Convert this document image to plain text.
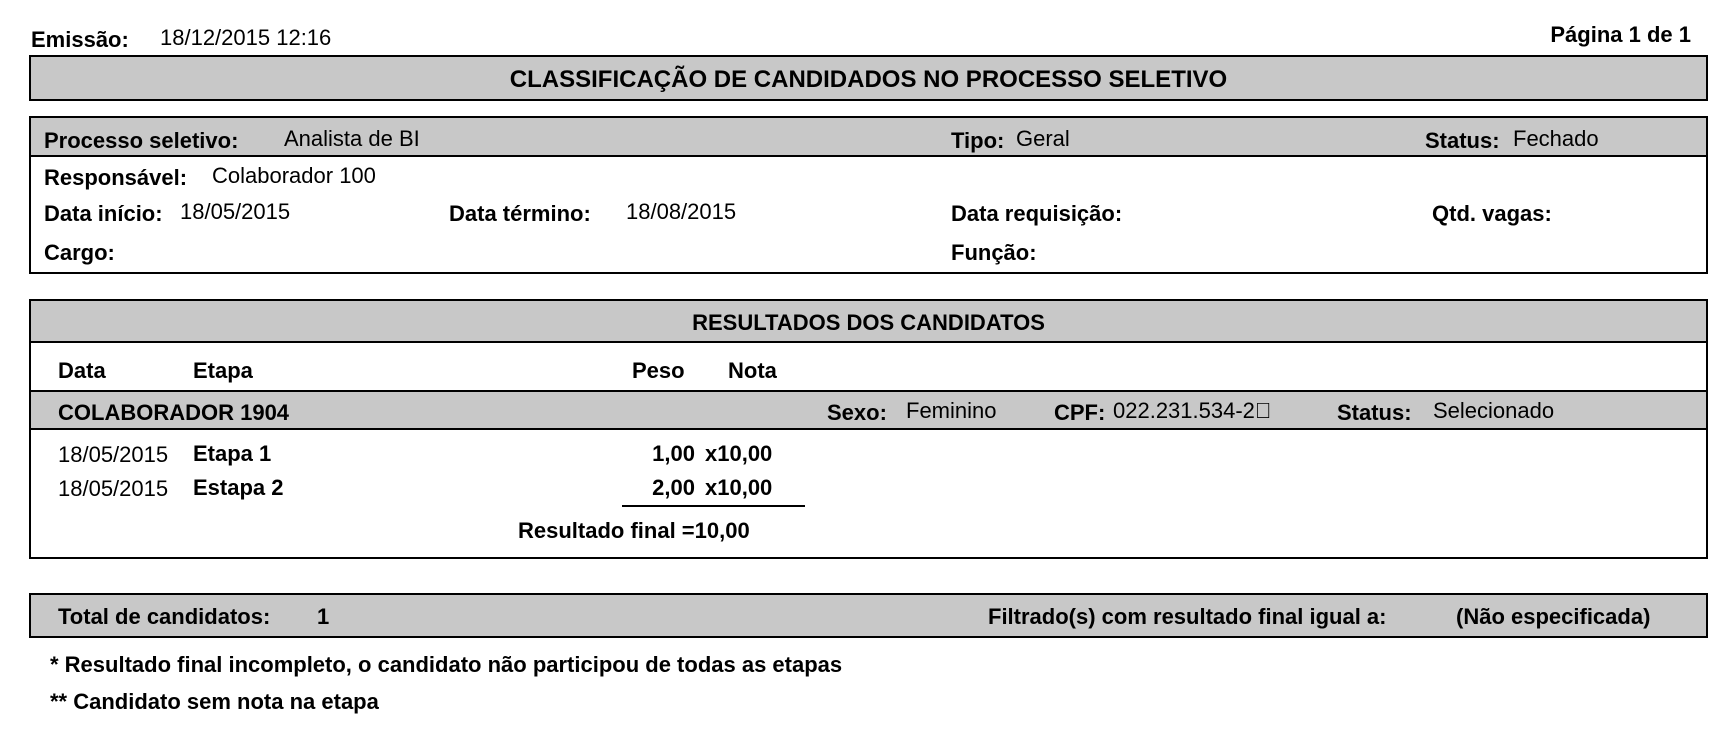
Emissão: 18/12/2015 12:16	Página 1 de 1
CLASSIFICAÇÃO DE CANDIDADOS NO PROCESSO SELETIVO
Processo seletivo: Analista de BI	Tipo: Geral	Status: Fechado
Responsável: Colaborador 100
Data início: 18/05/2015	Data término: 18/08/2015	Data requisição:	Qtd. vagas:
Cargo:	Função:
RESULTADOS DOS CANDIDATOS
Data	Etapa	Peso Nota
COLABORADOR 1904	Sexo: Feminino	CPF: 022.231.534-2 	Status: Selecionado
18/05/2015 Etapa 1	1,00 x10,00
18/05/2015 Estapa 2	2,00 x10,00
Resultado final =10,00
Total de candidatos: 1	Filtrado(s) com resultado final igual a:	(Não especificada)
* Resultado final incompleto, o candidato não participou de todas as etapas
** Candidato sem nota na etapa
